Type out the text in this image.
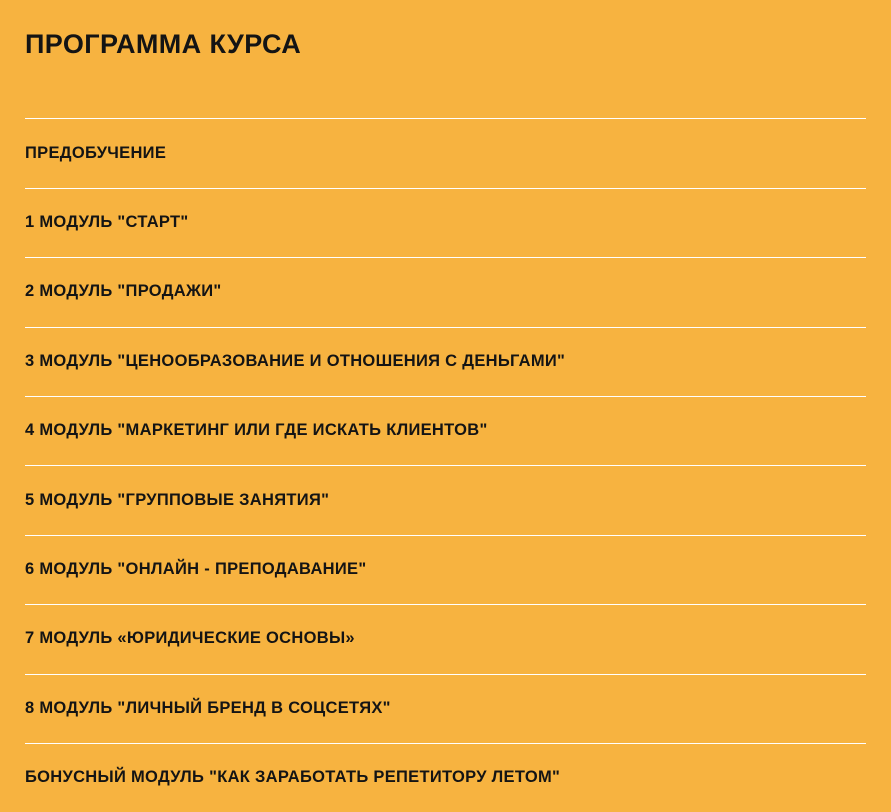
ПРОГРАММА КУРСА
ПРЕДОБУЧЕНИЕ
1 МОДУЛЬ "СТАРТ"
2 МОДУЛЬ "ПРОДАЖИ"
3 МОДУЛЬ "ЦЕНООБРАЗОВАНИЕ И ОТНОШЕНИЯ С ДЕНЬГАМИ"
4 МОДУЛЬ "МАРКЕТИНГ ИЛИ ГДЕ ИСКАТЬ КЛИЕНТОВ"
5 МОДУЛЬ "ГРУППОВЫЕ ЗАНЯТИЯ"
6 МОДУЛЬ "ОНЛАЙН - ПРЕПОДАВАНИЕ"
7 МОДУЛЬ «ЮРИДИЧЕСКИЕ ОСНОВЫ»
8 МОДУЛЬ "ЛИЧНЫЙ БРЕНД В СОЦСЕТЯХ"
БОНУСНЫЙ МОДУЛЬ "КАК ЗАРАБОТАТЬ РЕПЕТИТОРУ ЛЕТОМ"
